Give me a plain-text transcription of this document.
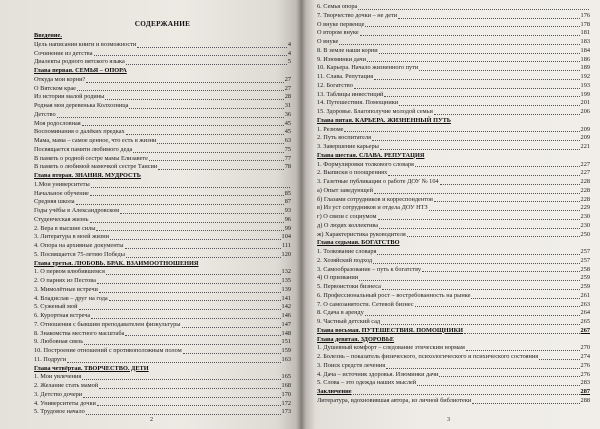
СОДЕРЖАНИЕ
Введение.
Цель написания книги и возможности	4
Сочинение из детства	4
Диалекты родного вятского языка	5
Глава первая. СЕМЬЯ – ОПОРА
Откуда мои корни?	27
О Вятском крае	27
Из истории малой родины	28
Родная моя деревенька Колхозница	31
Детство	36
Моя родословная	45
Воспоминания о далёких предках	45
Мама, мама – самое ценное, что есть в жизни	63
Посвящается памяти любимого деда	75
В память о родной сестре мамы Елизавете	77
В память о любимой мамочкой сестре Таисии	78
Глава вторая. ЗНАНИЯ. МУДРОСТЬ
1.Мои университеты
Начальное обучение	85
Средняя школа	87
Годы учёбы в Александровском	93
Студенческая жизнь	96
2. Вера в высшие силы	99
3. Литература в моей жизни	104
4. Опора на архивные документы	111
5. Посвящается 75-летию Победы	120
Глава третья. ЛЮБОВЬ. БРАК. ВЗАИМООТНОШЕНИЯ
1. О первом влюбившемся	132
2. О парнях из Пестова	135
3. Мимолётные встречи	139
4. Владислав – друг на года	141
5. Суженый мой	142
6. Курортная встреча	146
7. Отношения с бывшим преподавателем физкультуры	147
8. Знакомства местного масштаба	148
9. Любовная связь	151
10. Построение отношений с противоположным полом	159
11. Подруги	163
Глава четвёртая. ТВОРЧЕСТВО. ДЕТИ
1. Мои увлечения	165
2. Желание стать мамой	168
3. Детство дочери	170
4. Университеты дочки	172
5. Трудовое начало	173
2
6. Семья опора
7. Творчество дочки – не дети	176
О внуке первенце	178
О втором внуке	181
О внуке	183
8. В земле наши корни	184
9. Изюминки дачи	186
10. Карьера. Начало жизненного пути	189
11. Слава. Репутация	192
12. Богатство	193
13. Таблицы инвестиций	199
14. Путешествия. Помощники	201
15. Здоровье. Благополучие молодой семьи	206
Глава пятая. КАРЬЕРА. ЖИЗНЕННЫЙ ПУТЬ
1. Резюме	209
2. Путь воспитателя	209
3. Завершение карьеры	221
Глава шестая. СЛАВА. РЕПУТАЦИЯ
1. Формулировки толкового словаря	227
2. Выписки о поощрениях	227
3. Газетные публикации о работе ДОУ № 104	228
а) Опыт заведующей	228
б) Глазами сотрудников и корреспондентов	228
в) Из уст сотрудников и отдела ДОУ НТЗ	229
г) О связи с социумом	230
д) О людях коллектива	230
ж) Характеристика руководителя	250
Глава седьмая. БОГАТСТВО
1. Толкование словаря	257
2. Хозяйский подход	257
3. Самообразование – путь к богатству	258
4) О призвании	259
5. Первоистоки бизнеса	259
6. Профессиональный рост – востребованность на рынке	261
7. О самозанятости. Сетевой бизнес	263
8. Сдача в аренду	264
9. Частный детский сад	265
Глава восьмая. ПУТЕШЕСТВИЯ. ПОМОЩНИКИ	267
Глава девятая. ЗДОРОВЬЕ
1. Душевный комфорт – следование этическим нормам	270
2. Болезнь – показатель физического, психологического и психического состояния	274
3. Поиск средств лечения	276
4. Дача – источник здоровья. Изюминки дачи	276
5. Слова – это одежда наших мыслей	283
Заключение	287
Литература, вдохновившая автора, из личной библиотеки	288
3
